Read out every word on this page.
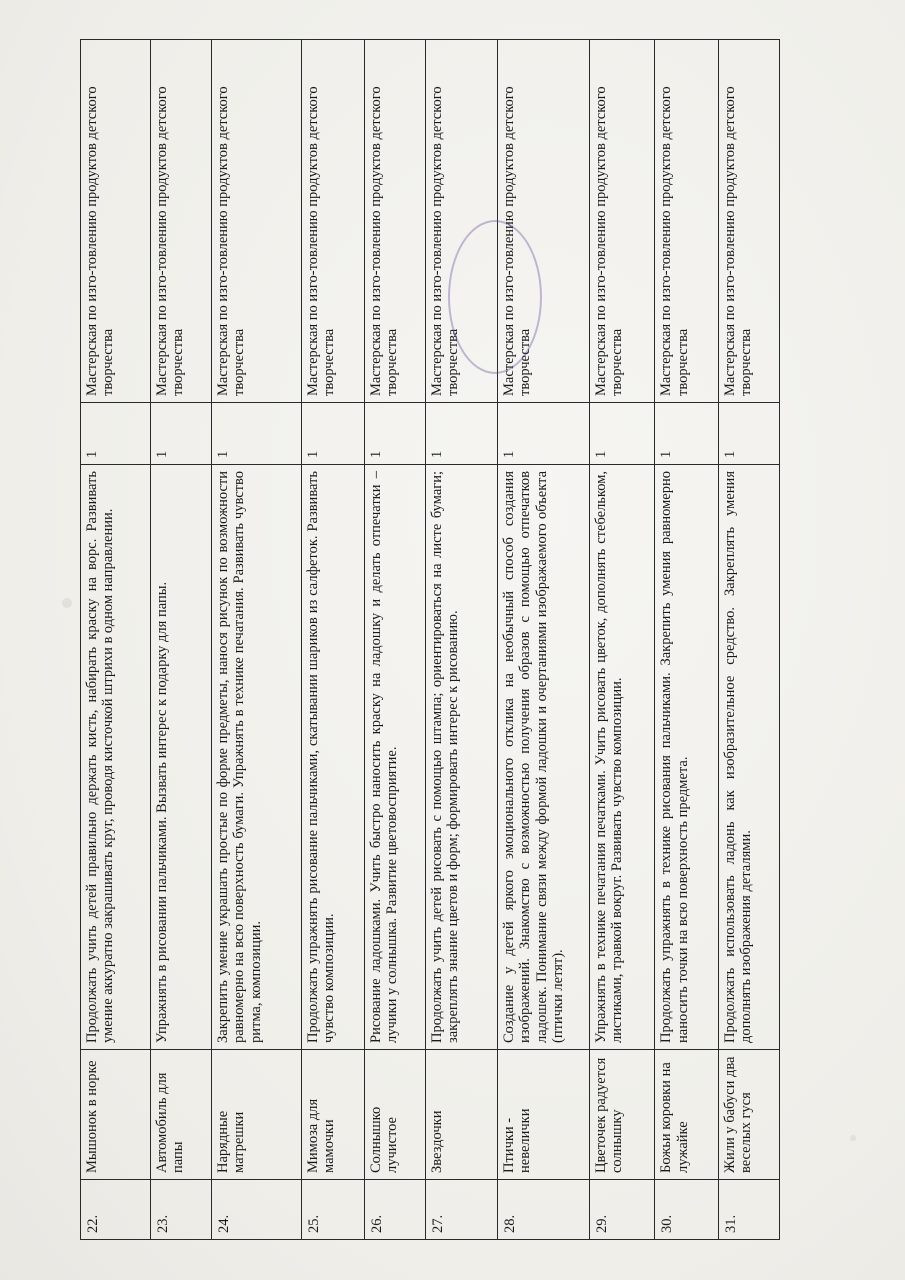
22.	Мышонок в норке	Продолжать учить детей правильно держать кисть, набирать краску на ворс. Развивать умение аккуратно закрашивать круг, проводя кисточкой штрихи в одном направлении.	1	Мастерская по изго-товлению продуктов детского творчества
23.	Автомобиль для папы	Упражнять в рисовании пальчиками. Вызвать интерес к подарку для папы.	1	Мастерская по изго-товлению продуктов детского творчества
24.	Нарядные матрешки	Закрепить умение украшать простые по форме предметы, нанося рисунок по возможности равномерно на всю поверхность бумаги. Упражнять в технике печатания. Развивать чувство ритма, композиции.	1	Мастерская по изго-товлению продуктов детского творчества
25.	Мимоза для мамочки	Продолжать упражнять рисование пальчиками, скатывании шариков из салфеток. Развивать чувство композиции.	1	Мастерская по изго-товлению продуктов детского творчества
26.	Солнышко лучистое	Рисование ладошками. Учить быстро наносить краску на ладошку и делать отпечатки – лучики у солнышка. Развитие цветовосприятие.	1	Мастерская по изго-товлению продуктов детского творчества
27.	Звездочки	Продолжать учить детей рисовать с помощью штампа; ориентироваться на листе бумаги; закреплять знание цветов и форм; формировать интерес к рисованию.	1	Мастерская по изго-товлению продуктов детского творчества
28.	Птички - невелички	Создание у детей яркого эмоционального отклика на необычный способ создания изображений. Знакомство с возможностью получения образов с помощью отпечатков ладошек. Понимание связи между формой ладошки и очертаниями изображаемого объекта (птички летят).	1	Мастерская по изго-товлению продуктов детского творчества
29.	Цветочек радуется солнышку	Упражнять в технике печатания печатками. Учить рисовать цветок, дополнять стебельком, листиками, травкой вокруг. Развивать чувство композиции.	1	Мастерская по изго-товлению продуктов детского творчества
30.	Божьи коровки на лужайке	Продолжать упражнять в технике рисования пальчиками. Закрепить умения равномерно наносить точки на всю поверхность предмета.	1	Мастерская по изго-товлению продуктов детского творчества
31.	Жили у бабуси два веселых гуся	Продолжать использовать ладонь как изобразительное средство. Закреплять умения дополнять изображения деталями.	1	Мастерская по изго-товлению продуктов детского творчества
